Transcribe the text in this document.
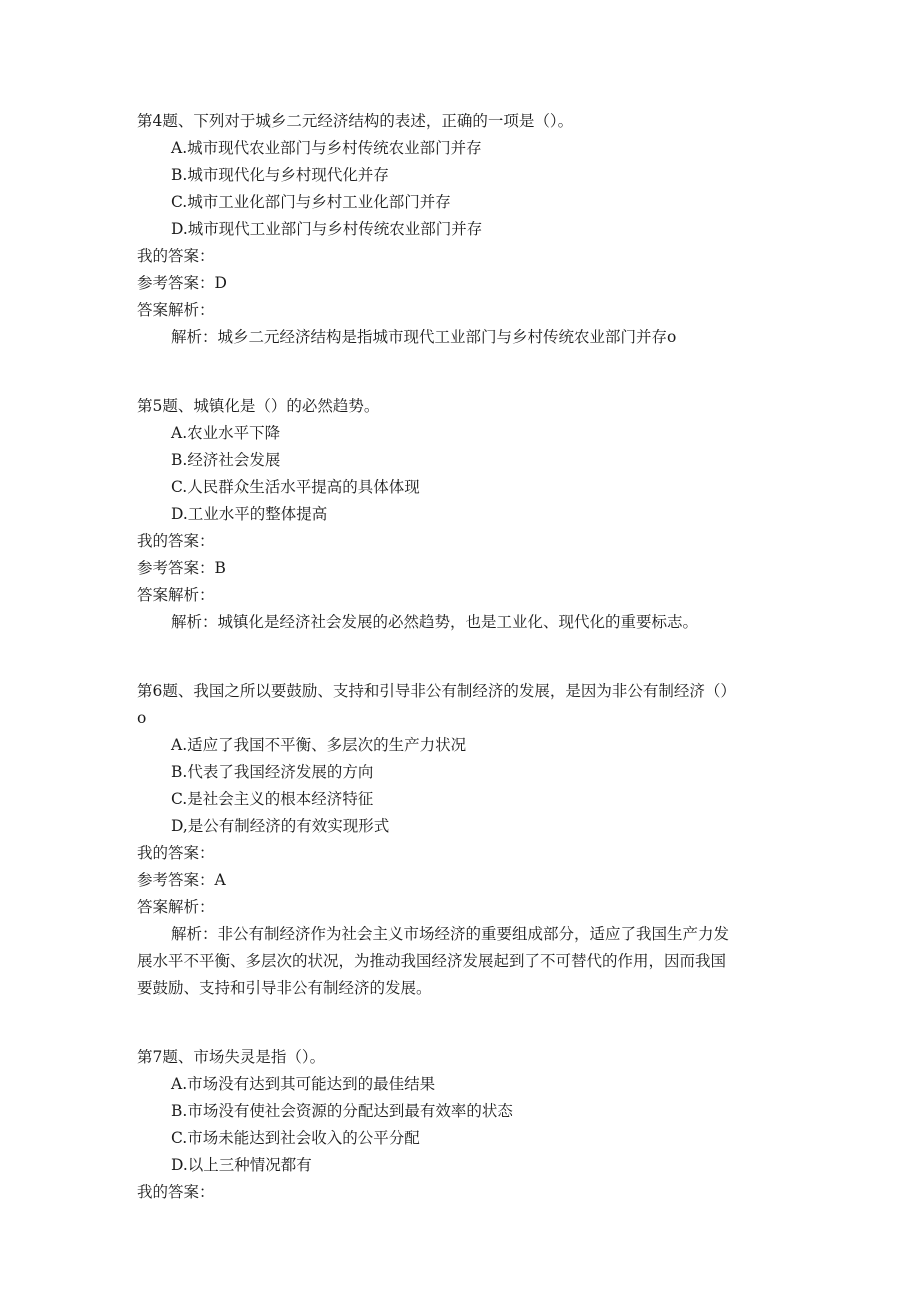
第4题、下列对于城乡二元经济结构的表述，正确的一项是（）。
A.城市现代农业部门与乡村传统农业部门并存
B.城市现代化与乡村现代化并存
C.城市工业化部门与乡村工业化部门并存
D.城市现代工业部门与乡村传统农业部门并存
我的答案：
参考答案：D
答案解析：
解析：城乡二元经济结构是指城市现代工业部门与乡村传统农业部门并存o
第5题、城镇化是（）的必然趋势。
A.农业水平下降
B.经济社会发展
C.人民群众生活水平提高的具体体现
D.工业水平的整体提高
我的答案：
参考答案：B
答案解析：
解析：城镇化是经济社会发展的必然趋势，也是工业化、现代化的重要标志。
第6题、我国之所以要鼓励、支持和引导非公有制经济的发展，是因为非公有制经济（）
o
A.适应了我国不平衡、多层次的生产力状况
B.代表了我国经济发展的方向
C.是社会主义的根本经济特征
D,是公有制经济的有效实现形式
我的答案：
参考答案：A
答案解析：
解析：非公有制经济作为社会主义市场经济的重要组成部分，适应了我国生产力发
展水平不平衡、多层次的状况，为推动我国经济发展起到了不可替代的作用，因而我国
要鼓励、支持和引导非公有制经济的发展。
第7题、市场失灵是指（）。
A.市场没有达到其可能达到的最佳结果
B.市场没有使社会资源的分配达到最有效率的状态
C.市场未能达到社会收入的公平分配
D.以上三种情况都有
我的答案：
